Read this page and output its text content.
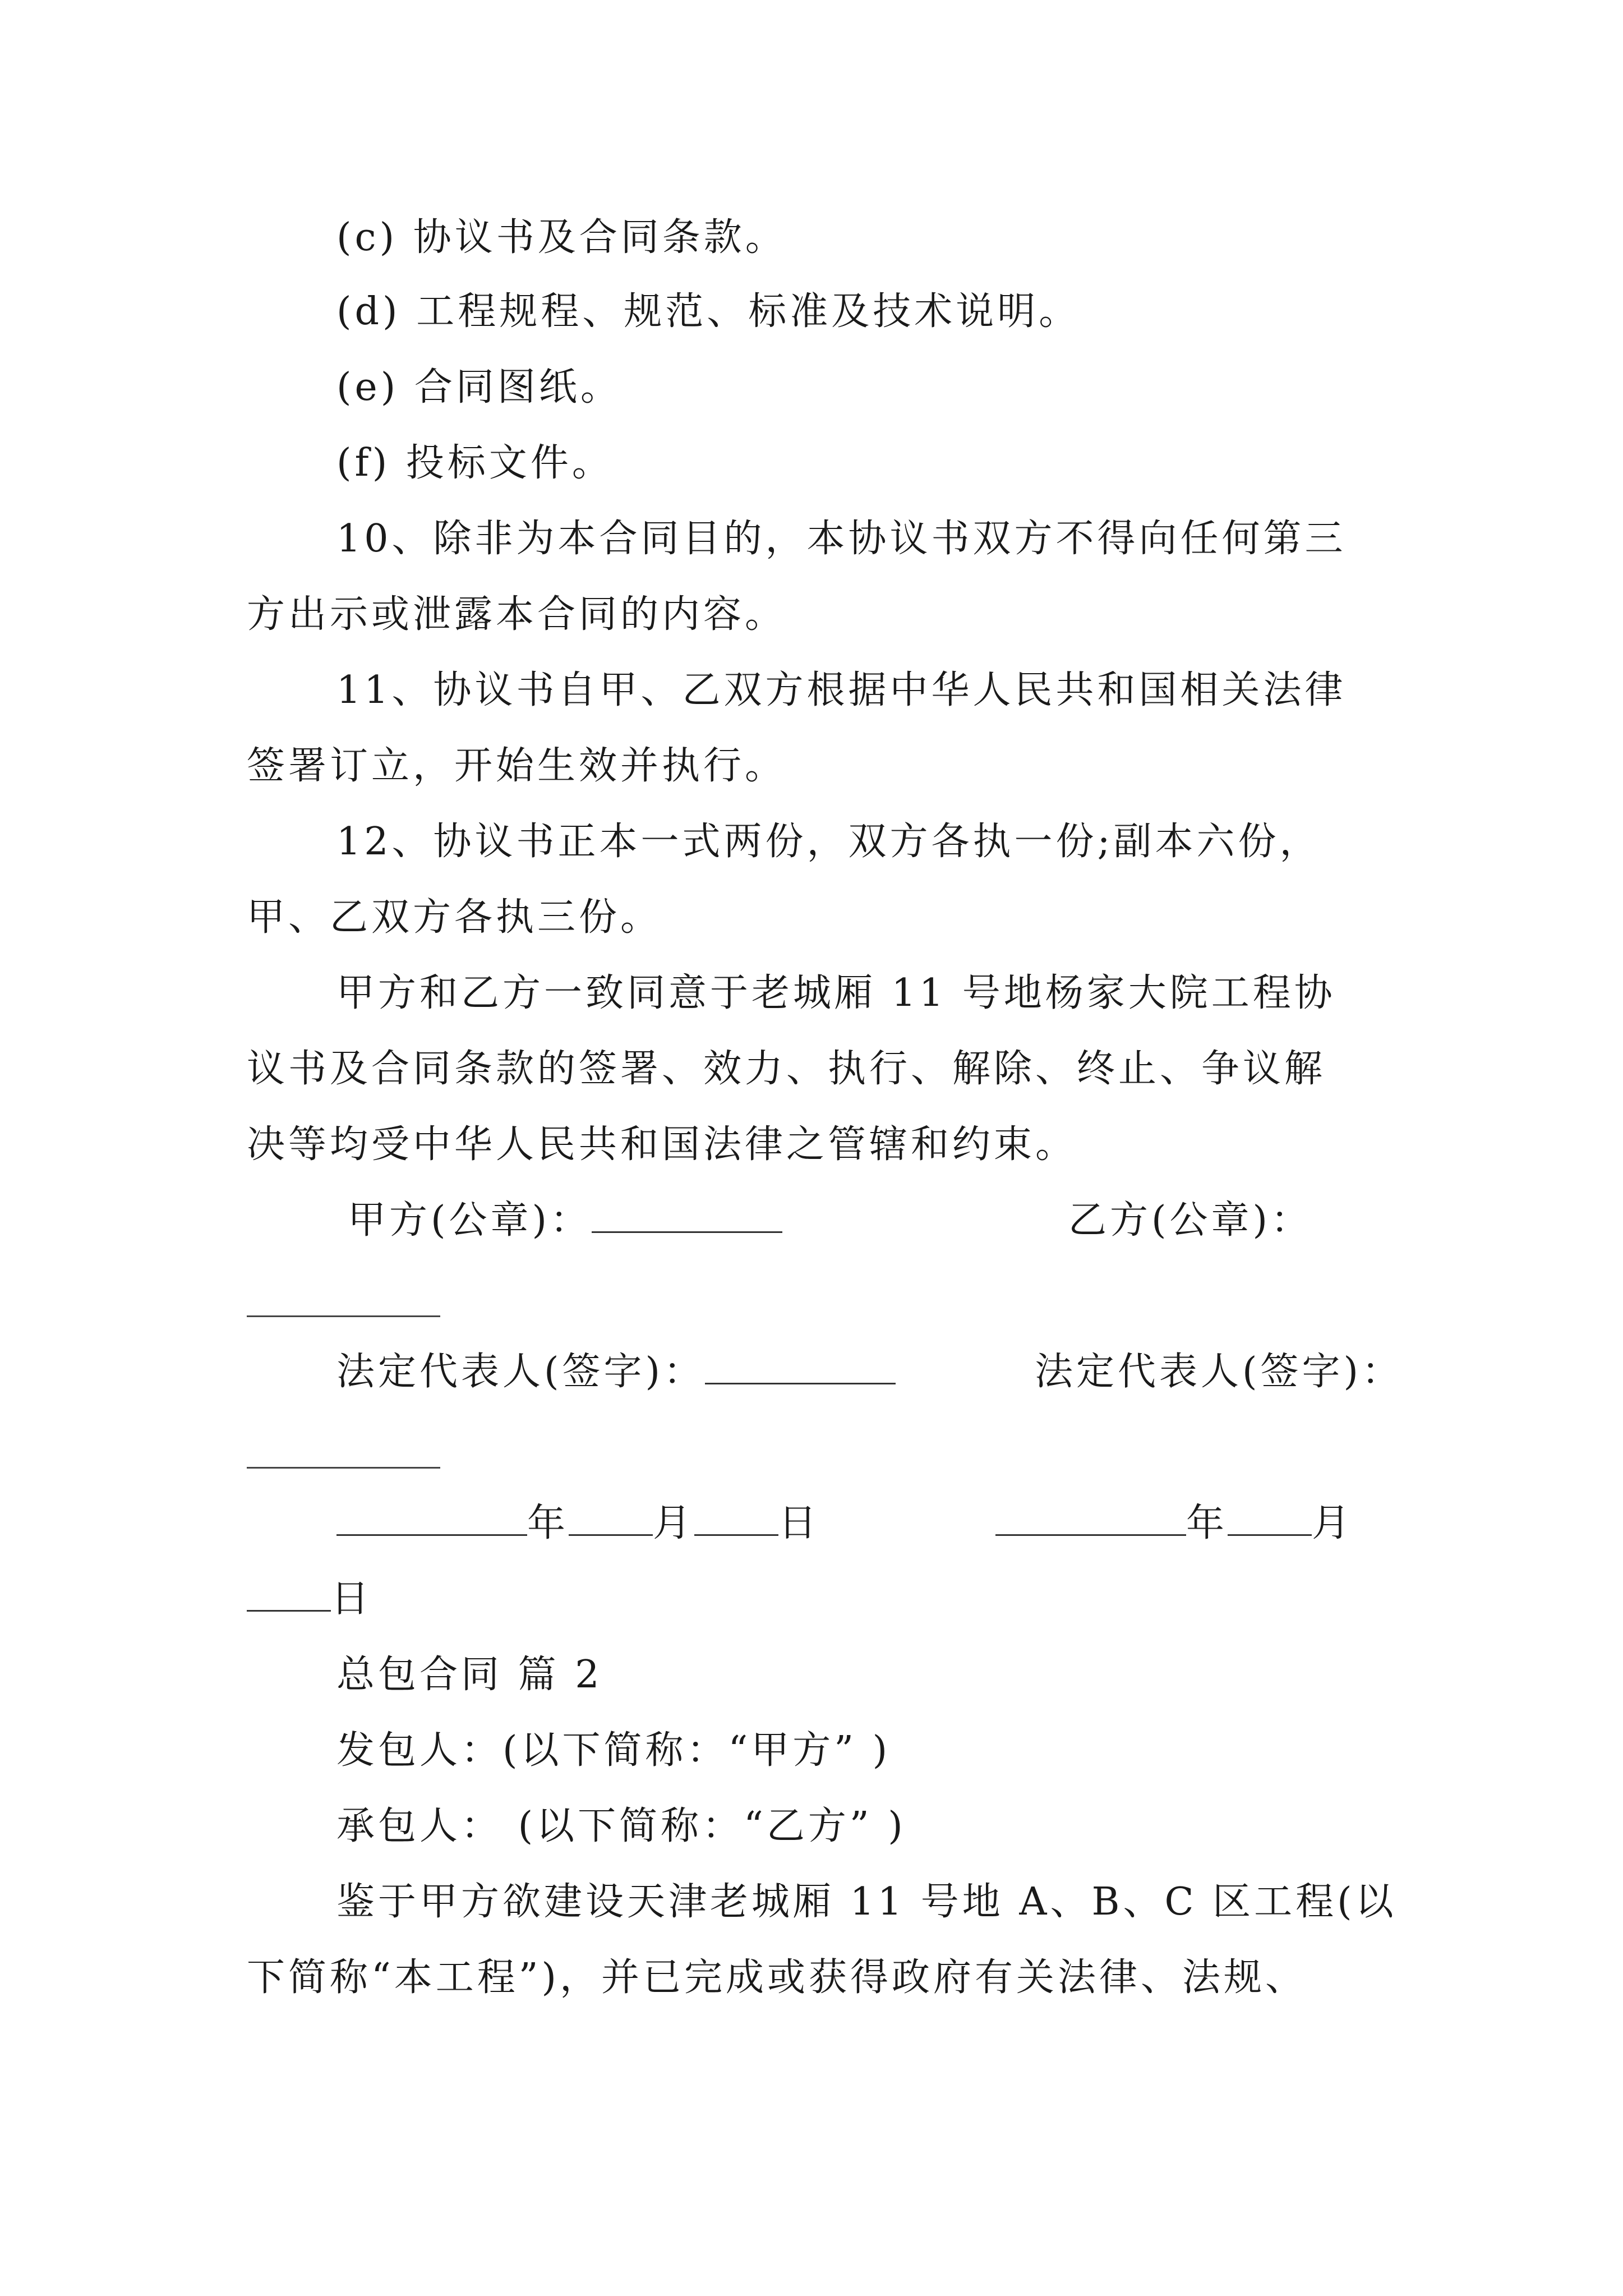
(c) 协议书及合同条款。
(d) 工程规程、规范、标准及技术说明。
(e) 合同图纸。
(f) 投标文件。
10、除非为本合同目的，本协议书双方不得向任何第三
方出示或泄露本合同的内容。
11、协议书自甲、乙双方根据中华人民共和国相关法律
签署订立，开始生效并执行。
12、协议书正本一式两份，双方各执一份;副本六份，
甲、乙双方各执三份。
甲方和乙方一致同意于老城厢 11 号地杨家大院工程协
议书及合同条款的签署、效力、执行、解除、终止、争议解
决等均受中华人民共和国法律之管辖和约束。
甲方(公章)：	乙方(公章)：
法定代表人(签字)：	法定代表人(签字)：
年 月 日	年 月
日
总包合同 篇 2
发包人：(以下简称：“甲方” )
承包人： (以下简称：“乙方” )
鉴于甲方欲建设天津老城厢 11 号地 A、B、C 区工程(以
下简称“本工程”)，并已完成或获得政府有关法律、法规、
